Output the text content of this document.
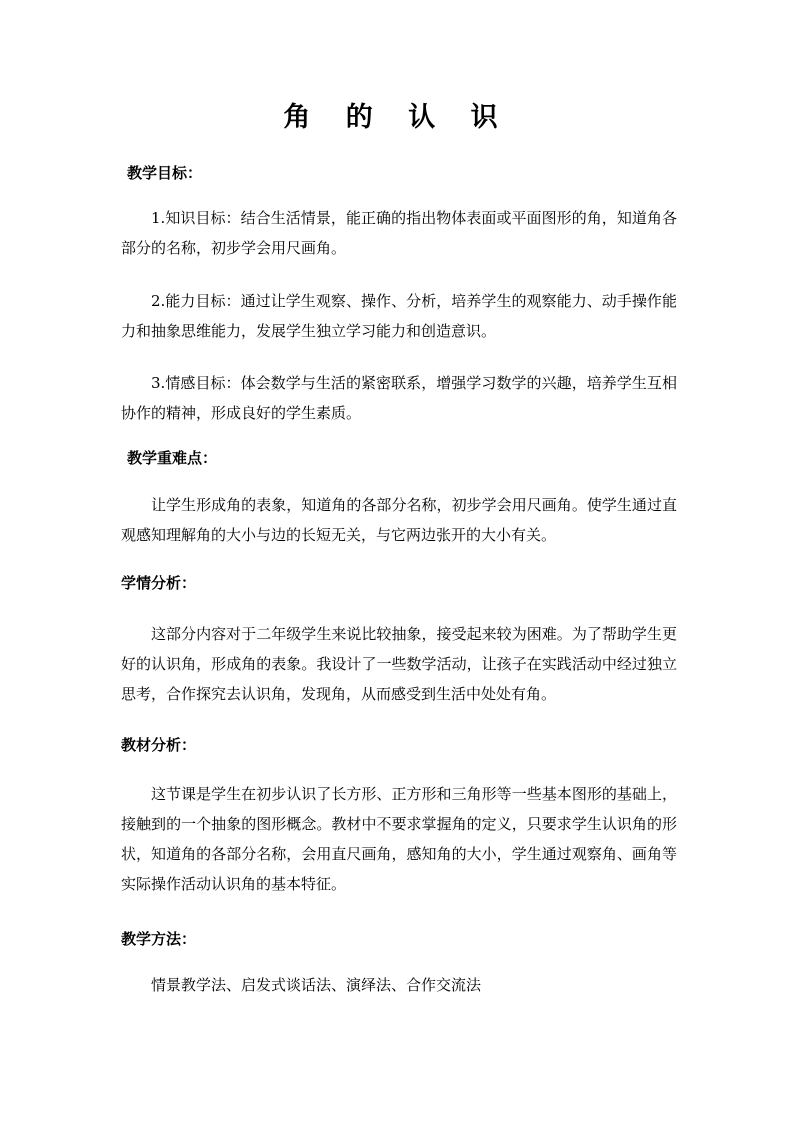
角 的 认 识
教学目标：
1.知识目标：结合生活情景，能正确的指出物体表面或平面图形的角，知道角各部分的名称，初步学会用尺画角。
2.能力目标：通过让学生观察、操作、分析，培养学生的观察能力、动手操作能力和抽象思维能力，发展学生独立学习能力和创造意识。
3.情感目标：体会数学与生活的紧密联系，增强学习数学的兴趣，培养学生互相协作的精神，形成良好的学生素质。
教学重难点：
让学生形成角的表象，知道角的各部分名称，初步学会用尺画角。使学生通过直观感知理解角的大小与边的长短无关，与它两边张开的大小有关。
学情分析：
这部分内容对于二年级学生来说比较抽象，接受起来较为困难。为了帮助学生更好的认识角，形成角的表象。我设计了一些数学活动，让孩子在实践活动中经过独立思考，合作探究去认识角，发现角，从而感受到生活中处处有角。
教材分析：
这节课是学生在初步认识了长方形、正方形和三角形等一些基本图形的基础上，接触到的一个抽象的图形概念。教材中不要求掌握角的定义，只要求学生认识角的形状，知道角的各部分名称，会用直尺画角，感知角的大小，学生通过观察角、画角等实际操作活动认识角的基本特征。
教学方法：
情景教学法、启发式谈话法、演绎法、合作交流法
